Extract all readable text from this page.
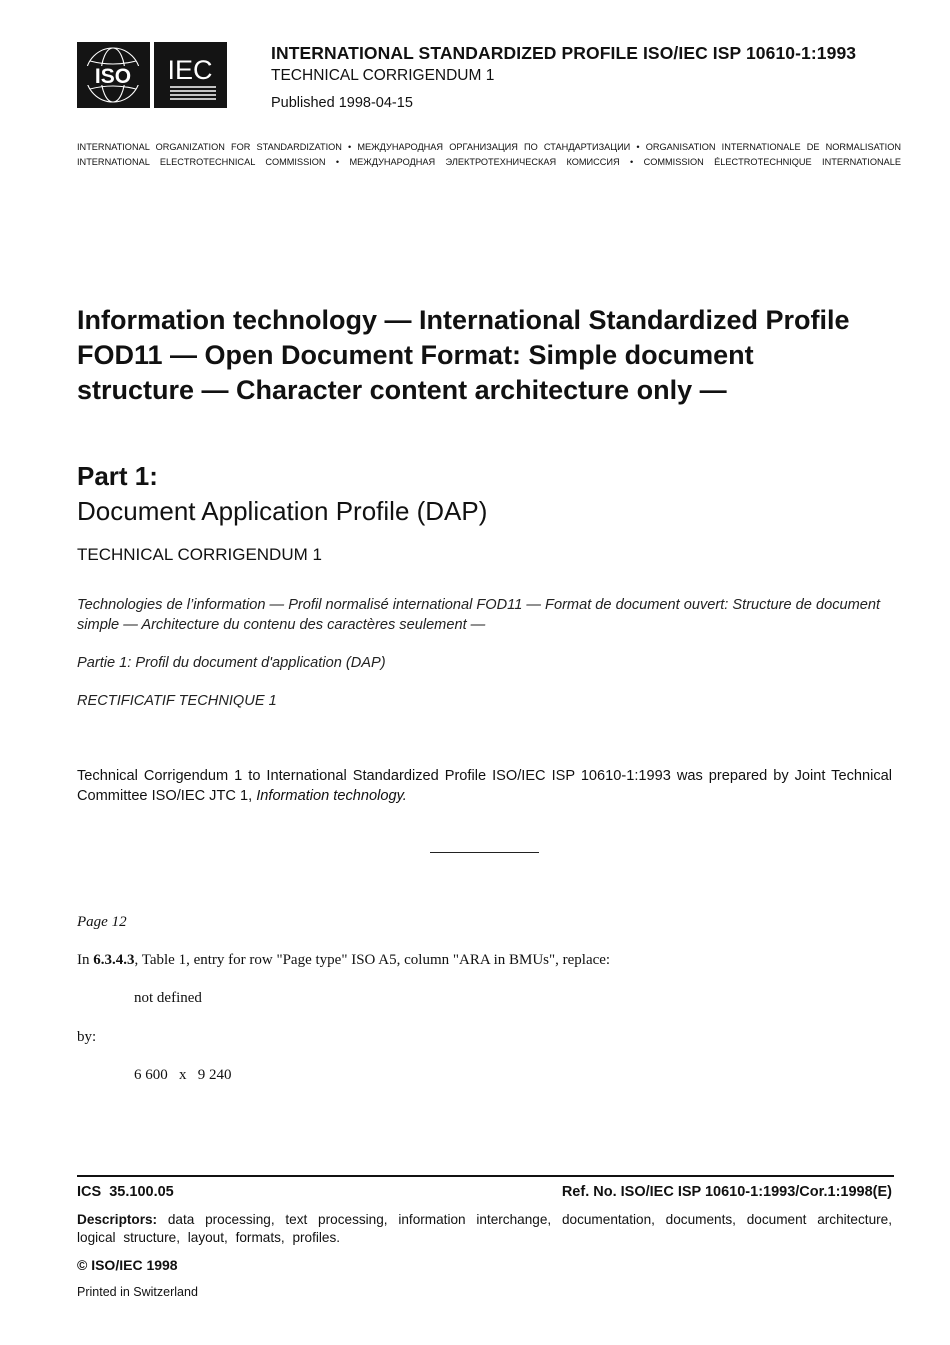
ISO IEC
INTERNATIONAL STANDARDIZED PROFILE ISO/IEC ISP 10610-1:1993
TECHNICAL CORRIGENDUM 1
Published 1998-04-15
INTERNATIONAL ORGANIZATION FOR STANDARDIZATION • МЕЖДУНАРОДНАЯ ОРГАНИЗАЦИЯ ПО СТАНДАРТИЗАЦИИ • ORGANISATION INTERNATIONALE DE NORMALISATION
INTERNATIONAL ELECTROTECHNICAL COMMISSION • МЕЖДУНАРОДНАЯ ЭЛЕКТРОТЕХНИЧЕСКАЯ КОМИССИЯ • COMMISSION ÉLECTROTECHNIQUE INTERNATIONALE
Information technology — International Standardized Profile FOD11 — Open Document Format: Simple document structure — Character content architecture only —
Part 1:
Document Application Profile (DAP)
TECHNICAL CORRIGENDUM 1
Technologies de l’information — Profil normalisé international FOD11 — Format de document ouvert: Structure de document simple — Architecture du contenu des caractères seulement —
Partie 1: Profil du document d'application (DAP)
RECTIFICATIF TECHNIQUE 1
Technical Corrigendum 1 to International Standardized Profile ISO/IEC ISP 10610-1:1993 was prepared by Joint Technical Committee ISO/IEC JTC 1, Information technology.
Page 12
In 6.3.4.3, Table 1, entry for row "Page type" ISO A5, column "ARA in BMUs", replace:
not defined
by:
6 600   x   9 240
ICS  35.100.05	Ref. No. ISO/IEC ISP 10610-1:1993/Cor.1:1998(E)
Descriptors: data processing, text processing, information interchange, documentation, documents, document architecture, logical structure, layout, formats, profiles.
© ISO/IEC 1998
Printed in Switzerland
